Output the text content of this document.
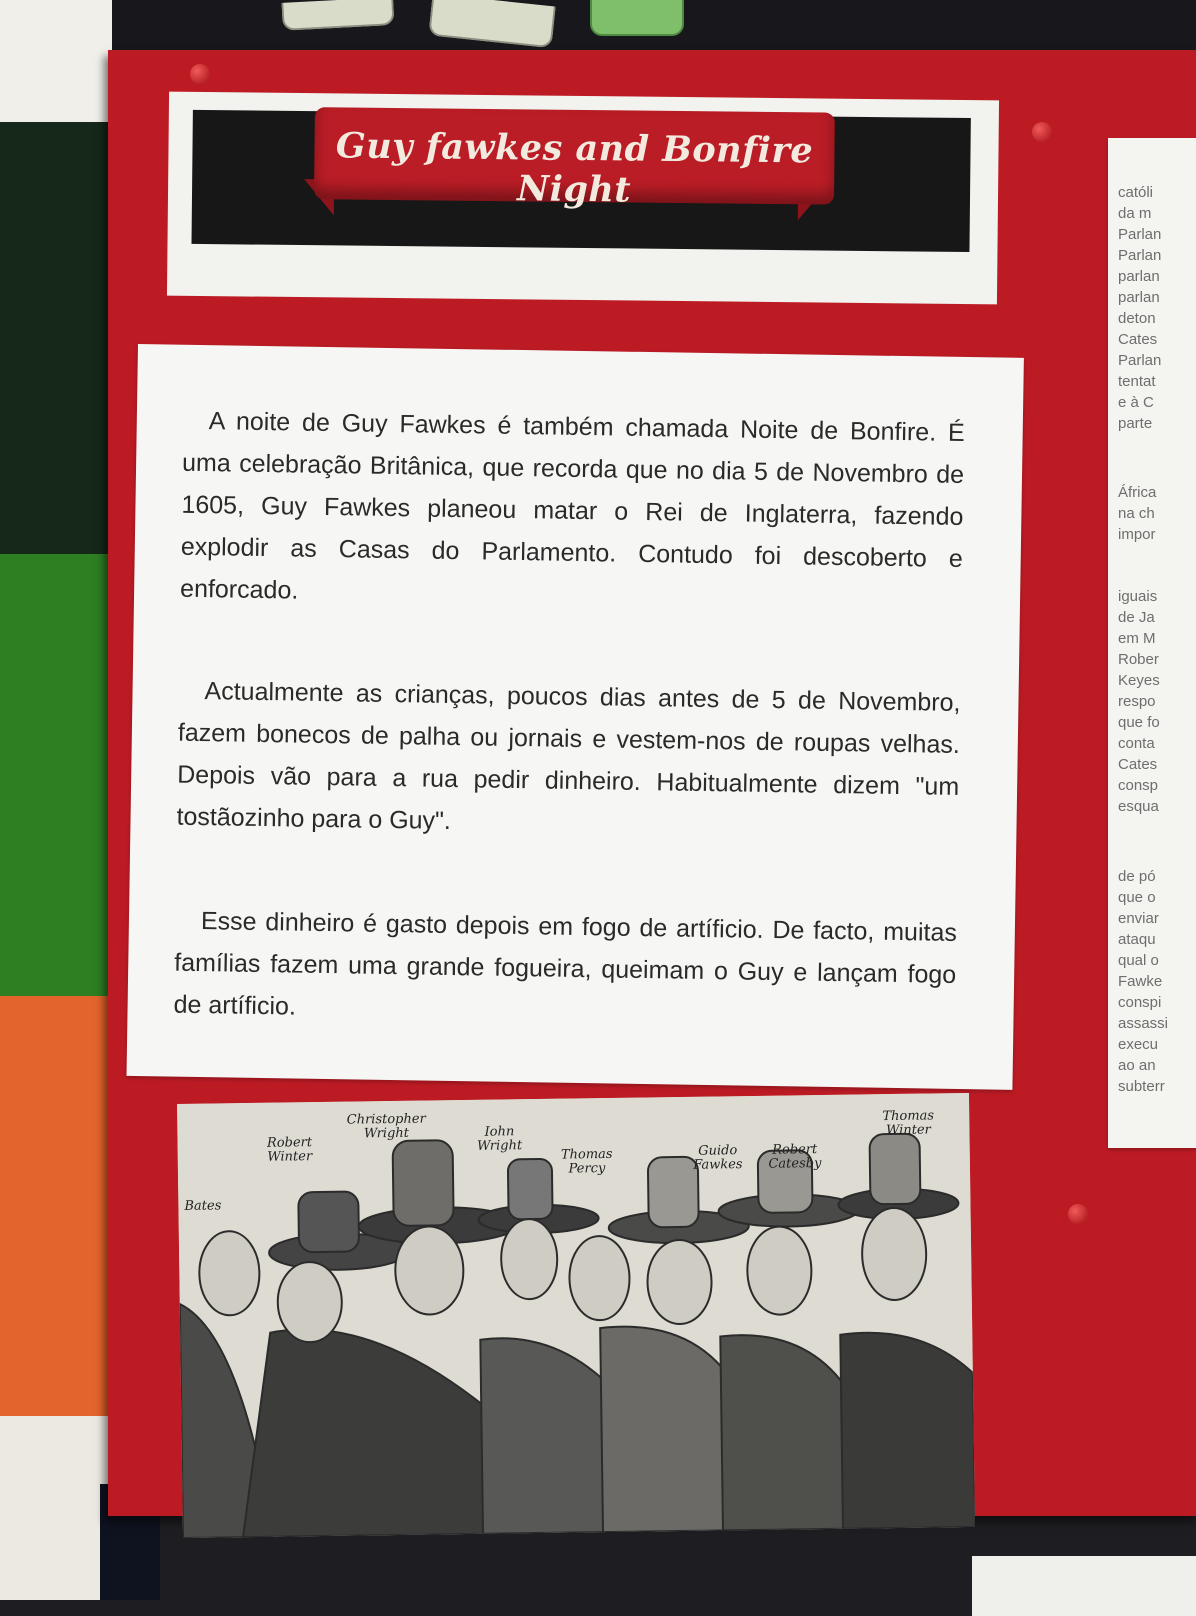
Guy fawkes and Bonfire Night

A noite de Guy Fawkes é também chamada Noite de Bonfire. É uma celebração Britânica, que recorda que no dia 5 de Novembro de 1605, Guy Fawkes planeou matar o Rei de Inglaterra, fazendo explodir as Casas do Parlamento. Contudo foi descoberto e enforcado.

Actualmente as crianças, poucos dias antes de 5 de Novembro, fazem bonecos de palha ou jornais e vestem-nos de roupas velhas. Depois vão para a rua pedir dinheiro. Habitualmente dizem "um tostãozinho para o Guy".

Esse dinheiro é gasto depois em fogo de artíficio. De facto, muitas famílias fazem uma grande fogueira, queimam o Guy e lançam fogo de artíficio.

Bates
Robert Winter
Christopher Wright	Iohn Wright
Thomas Percy
Guido Fawkes
Robert Catesby
Thomas Winter
católi
da m
Parlan
Parlan
parlan
parlan
deton
Cates
Parlan
tentat
e à C
parte
África
na ch
impor
iguais
de Ja
em M
Rober
Keyes
respo
que fo
conta
Cates
consp
esqua
de pó
que o
enviar
ataqu
qual o
Fawke
conspi
assassi
execu
ao an
subterr
